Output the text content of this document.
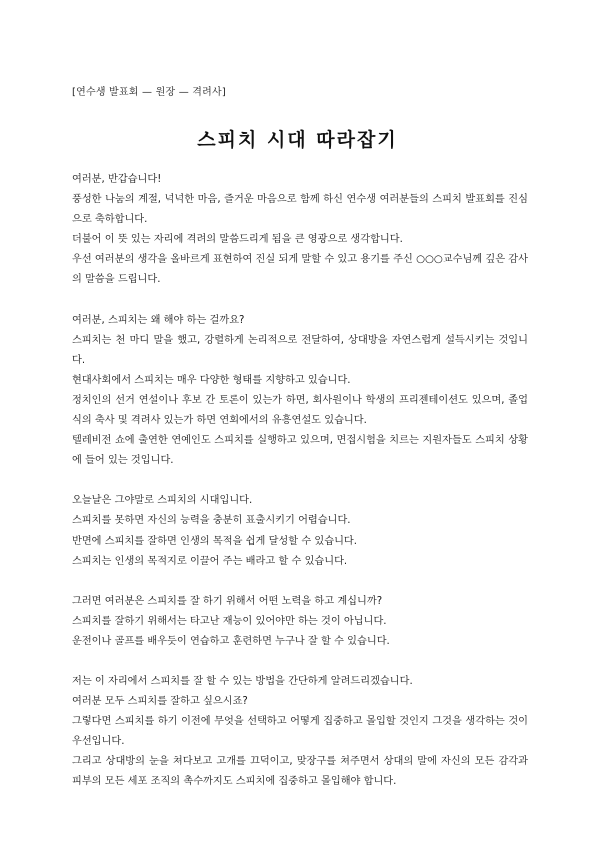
[연수생 발표회 — 원장 — 격려사]
스피치 시대 따라잡기
여러분, 반갑습니다!
풍성한 나눔의 계절, 넉넉한 마음, 즐거운 마음으로 함께 하신 연수생 여러분들의 스피치 발표회를 진심으로 축하합니다.
더불어 이 뜻 있는 자리에 격려의 말씀드리게 됨을 큰 영광으로 생각합니다.
우선 여러분의 생각을 올바르게 표현하여 진실 되게 말할 수 있고 용기를 주신 ○○○교수님께 깊은 감사의 말씀을 드립니다.
여러분, 스피치는 왜 해야 하는 걸까요?
스피치는 천 마디 말을 했고, 강렬하게 논리적으로 전달하여, 상대방을 자연스럽게 설득시키는 것입니다.
현대사회에서 스피치는 매우 다양한 형태를 지향하고 있습니다.
정치인의 선거 연설이나 후보 간 토론이 있는가 하면, 회사원이나 학생의 프리젠테이션도 있으며, 졸업식의 축사 및 격려사 있는가 하면 연회에서의 유흥연설도 있습니다.
텔레비전 쇼에 출연한 연예인도 스피치를 실행하고 있으며, 면접시험을 치르는 지원자들도 스피치 상황에 들어 있는 것입니다.
오늘날은 그야말로 스피치의 시대입니다.
스피치를 못하면 자신의 능력을 충분히 표출시키기 어렵습니다.
반면에 스피치를 잘하면 인생의 목적을 쉽게 달성할 수 있습니다.
스피치는 인생의 목적지로 이끌어 주는 배라고 할 수 있습니다.
그러면 여러분은 스피치를 잘 하기 위해서 어떤 노력을 하고 계십니까?
스피치를 잘하기 위해서는 타고난 재능이 있어야만 하는 것이 아닙니다.
운전이나 골프를 배우듯이 연습하고 훈련하면 누구나 잘 할 수 있습니다.
저는 이 자리에서 스피치를 잘 할 수 있는 방법을 간단하게 알려드리겠습니다.
여러분 모두 스피치를 잘하고 싶으시죠?
그렇다면 스피치를 하기 이전에 무엇을 선택하고 어떻게 집중하고 몰입할 것인지 그것을 생각하는 것이 우선입니다.
그리고 상대방의 눈을 쳐다보고 고개를 끄덕이고, 맞장구를 쳐주면서 상대의 말에 자신의 모든 감각과 피부의 모든 세포 조직의 촉수까지도 스피치에 집중하고 몰입해야 합니다.
